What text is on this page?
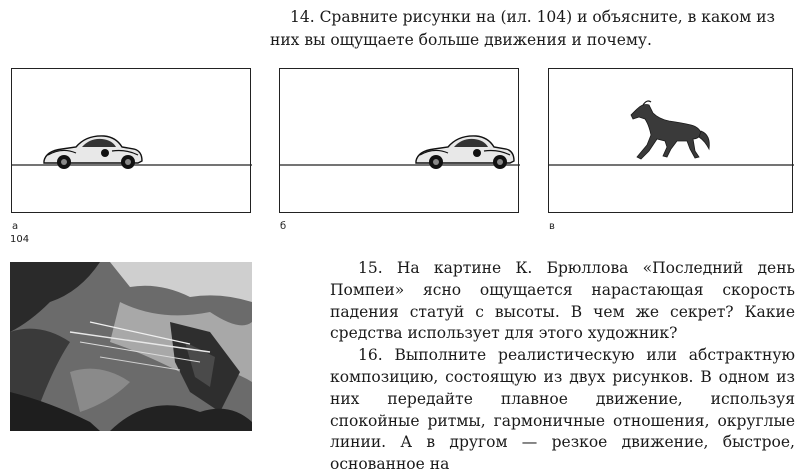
14. Сравните рисунки на (ил. 104) и объясните, в каком из
них вы ощущаете больше движения и почему.
а
104
б	в

15. На картине К. Брюллова «Последний день Помпеи» ясно ощущается нарастающая скорость падения статуй с высоты. В чем же секрет? Какие средства использует для этого художник?

16. Выполните реалистическую или абстрактную композицию, состоящую из двух рисунков. В одном из них передайте плавное движение, используя спокойные ритмы, гармоничные отношения, округлые линии. А в другом — резкое движение, быстрое, основанное на
